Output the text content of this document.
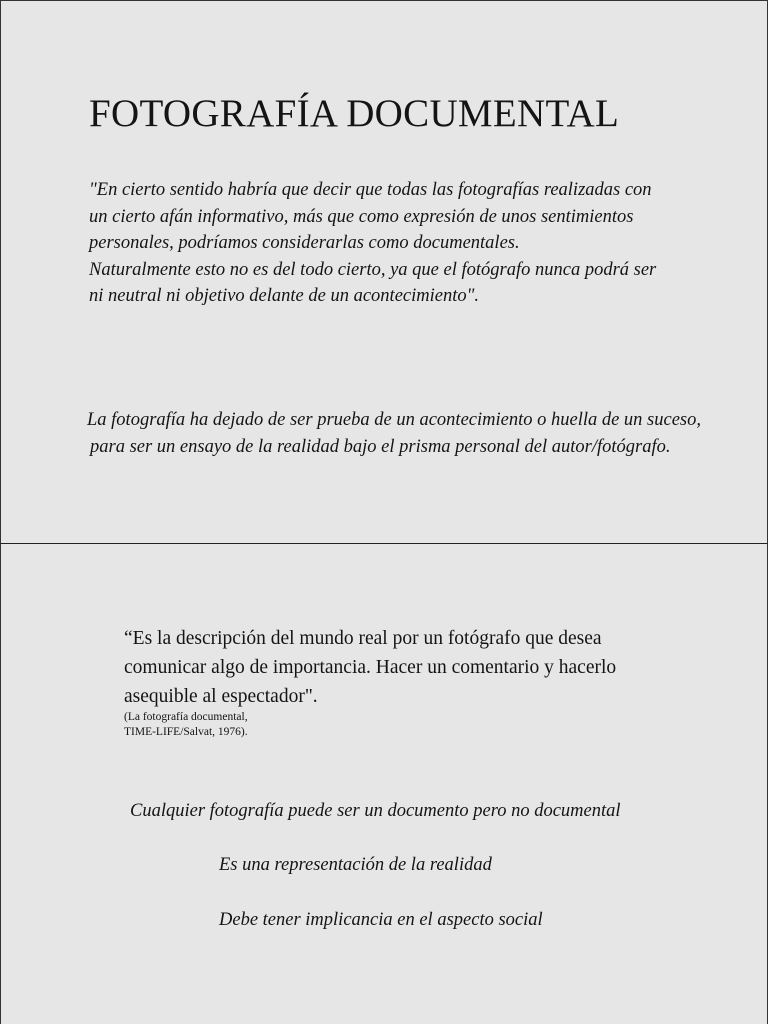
FOTOGRAFÍA DOCUMENTAL
"En cierto sentido habría que decir que todas las fotografías realizadas con
un cierto afán informativo, más que como expresión de unos sentimientos
personales, podríamos considerarlas como documentales.
Naturalmente esto no es del todo cierto, ya que el fotógrafo nunca podrá ser
ni neutral ni objetivo delante de un acontecimiento".
La fotografía ha dejado de ser prueba de un acontecimiento o huella de un suceso,
para ser un ensayo de la realidad bajo el prisma personal del autor/fotógrafo.
“Es la descripción del mundo real por un fotógrafo que desea
comunicar algo de importancia. Hacer un comentario y hacerlo
asequible al espectador".
(La fotografía documental,
TIME-LIFE/Salvat, 1976).

Cualquier fotografía puede ser un documento pero no documental

Es una representación de la realidad

Debe tener implicancia en el aspecto social
